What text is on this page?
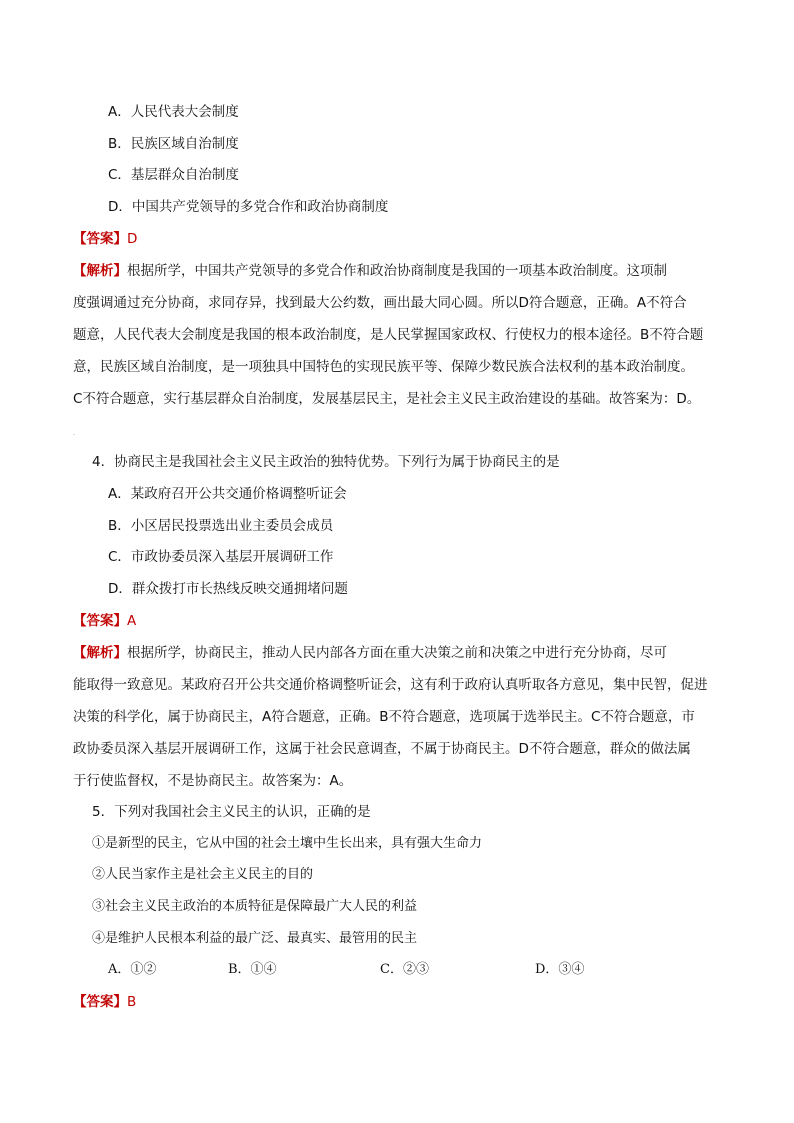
A．人民代表大会制度
B．民族区域自治制度
C．基层群众自治制度
D．中国共产党领导的多党合作和政治协商制度
【答案】D

【解析】根据所学，中国共产党领导的多党合作和政治协商制度是我国的一项基本政治制度。这项制

度强调通过充分协商，求同存异，找到最大公约数，画出最大同心圆。所以D符合题意，正确。A不符合

题意，人民代表大会制度是我国的根本政治制度，是人民掌握国家政权、行使权力的根本途径。B不符合题

意，民族区域自治制度，是一项独具中国特色的实现民族平等、保障少数民族合法权利的基本政治制度。

C不符合题意，实行基层群众自治制度，发展基层民主，是社会主义民主政治建设的基础。故答案为：D。

.
4．协商民主是我国社会主义民主政治的独特优势。下列行为属于协商民主的是
A．某政府召开公共交通价格调整听证会
B．小区居民投票选出业主委员会成员
C．市政协委员深入基层开展调研工作
D．群众拨打市长热线反映交通拥堵问题
【答案】A

【解析】根据所学，协商民主，推动人民内部各方面在重大决策之前和决策之中进行充分协商，尽可

能取得一致意见。某政府召开公共交通价格调整听证会，这有利于政府认真听取各方意见，集中民智，促进

决策的科学化，属于协商民主，A符合题意，正确。B不符合题意，选项属于选举民主。C不符合题意，市

政协委员深入基层开展调研工作，这属于社会民意调查，不属于协商民主。D不符合题意，群众的做法属

于行使监督权，不是协商民主。故答案为：A。

5．下列对我国社会主义民主的认识，正确的是
①是新型的民主，它从中国的社会土壤中生长出来，具有强大生命力
②人民当家作主是社会主义民主的目的
③社会主义民主政治的本质特征是保障最广大人民的利益
④是维护人民根本利益的最广泛、最真实、最管用的民主
A．①②	B．①④	C．②③	D．③④
【答案】B
